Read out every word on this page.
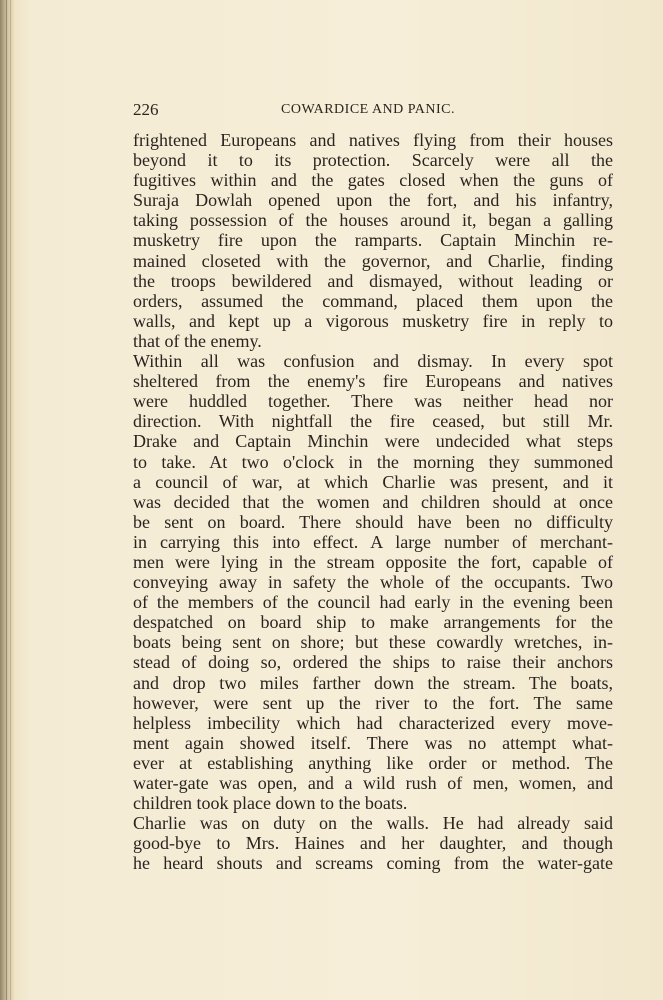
226	COWARDICE AND PANIC.
frightened Europeans and natives flying from their houses
beyond it to its protection. Scarcely were all the
fugitives within and the gates closed when the guns of
Suraja Dowlah opened upon the fort, and his infantry,
taking possession of the houses around it, began a galling
musketry fire upon the ramparts. Captain Minchin re-
mained closeted with the governor, and Charlie, finding
the troops bewildered and dismayed, without leading or
orders, assumed the command, placed them upon the
walls, and kept up a vigorous musketry fire in reply to
that of the enemy.
Within all was confusion and dismay. In every spot
sheltered from the enemy's fire Europeans and natives
were huddled together. There was neither head nor
direction. With nightfall the fire ceased, but still Mr.
Drake and Captain Minchin were undecided what steps
to take. At two o'clock in the morning they summoned
a council of war, at which Charlie was present, and it
was decided that the women and children should at once
be sent on board. There should have been no difficulty
in carrying this into effect. A large number of merchant-
men were lying in the stream opposite the fort, capable of
conveying away in safety the whole of the occupants. Two
of the members of the council had early in the evening been
despatched on board ship to make arrangements for the
boats being sent on shore; but these cowardly wretches, in-
stead of doing so, ordered the ships to raise their anchors
and drop two miles farther down the stream. The boats,
however, were sent up the river to the fort. The same
helpless imbecility which had characterized every move-
ment again showed itself. There was no attempt what-
ever at establishing anything like order or method. The
water-gate was open, and a wild rush of men, women, and
children took place down to the boats.
Charlie was on duty on the walls. He had already said
good-bye to Mrs. Haines and her daughter, and though
he heard shouts and screams coming from the water-gate
